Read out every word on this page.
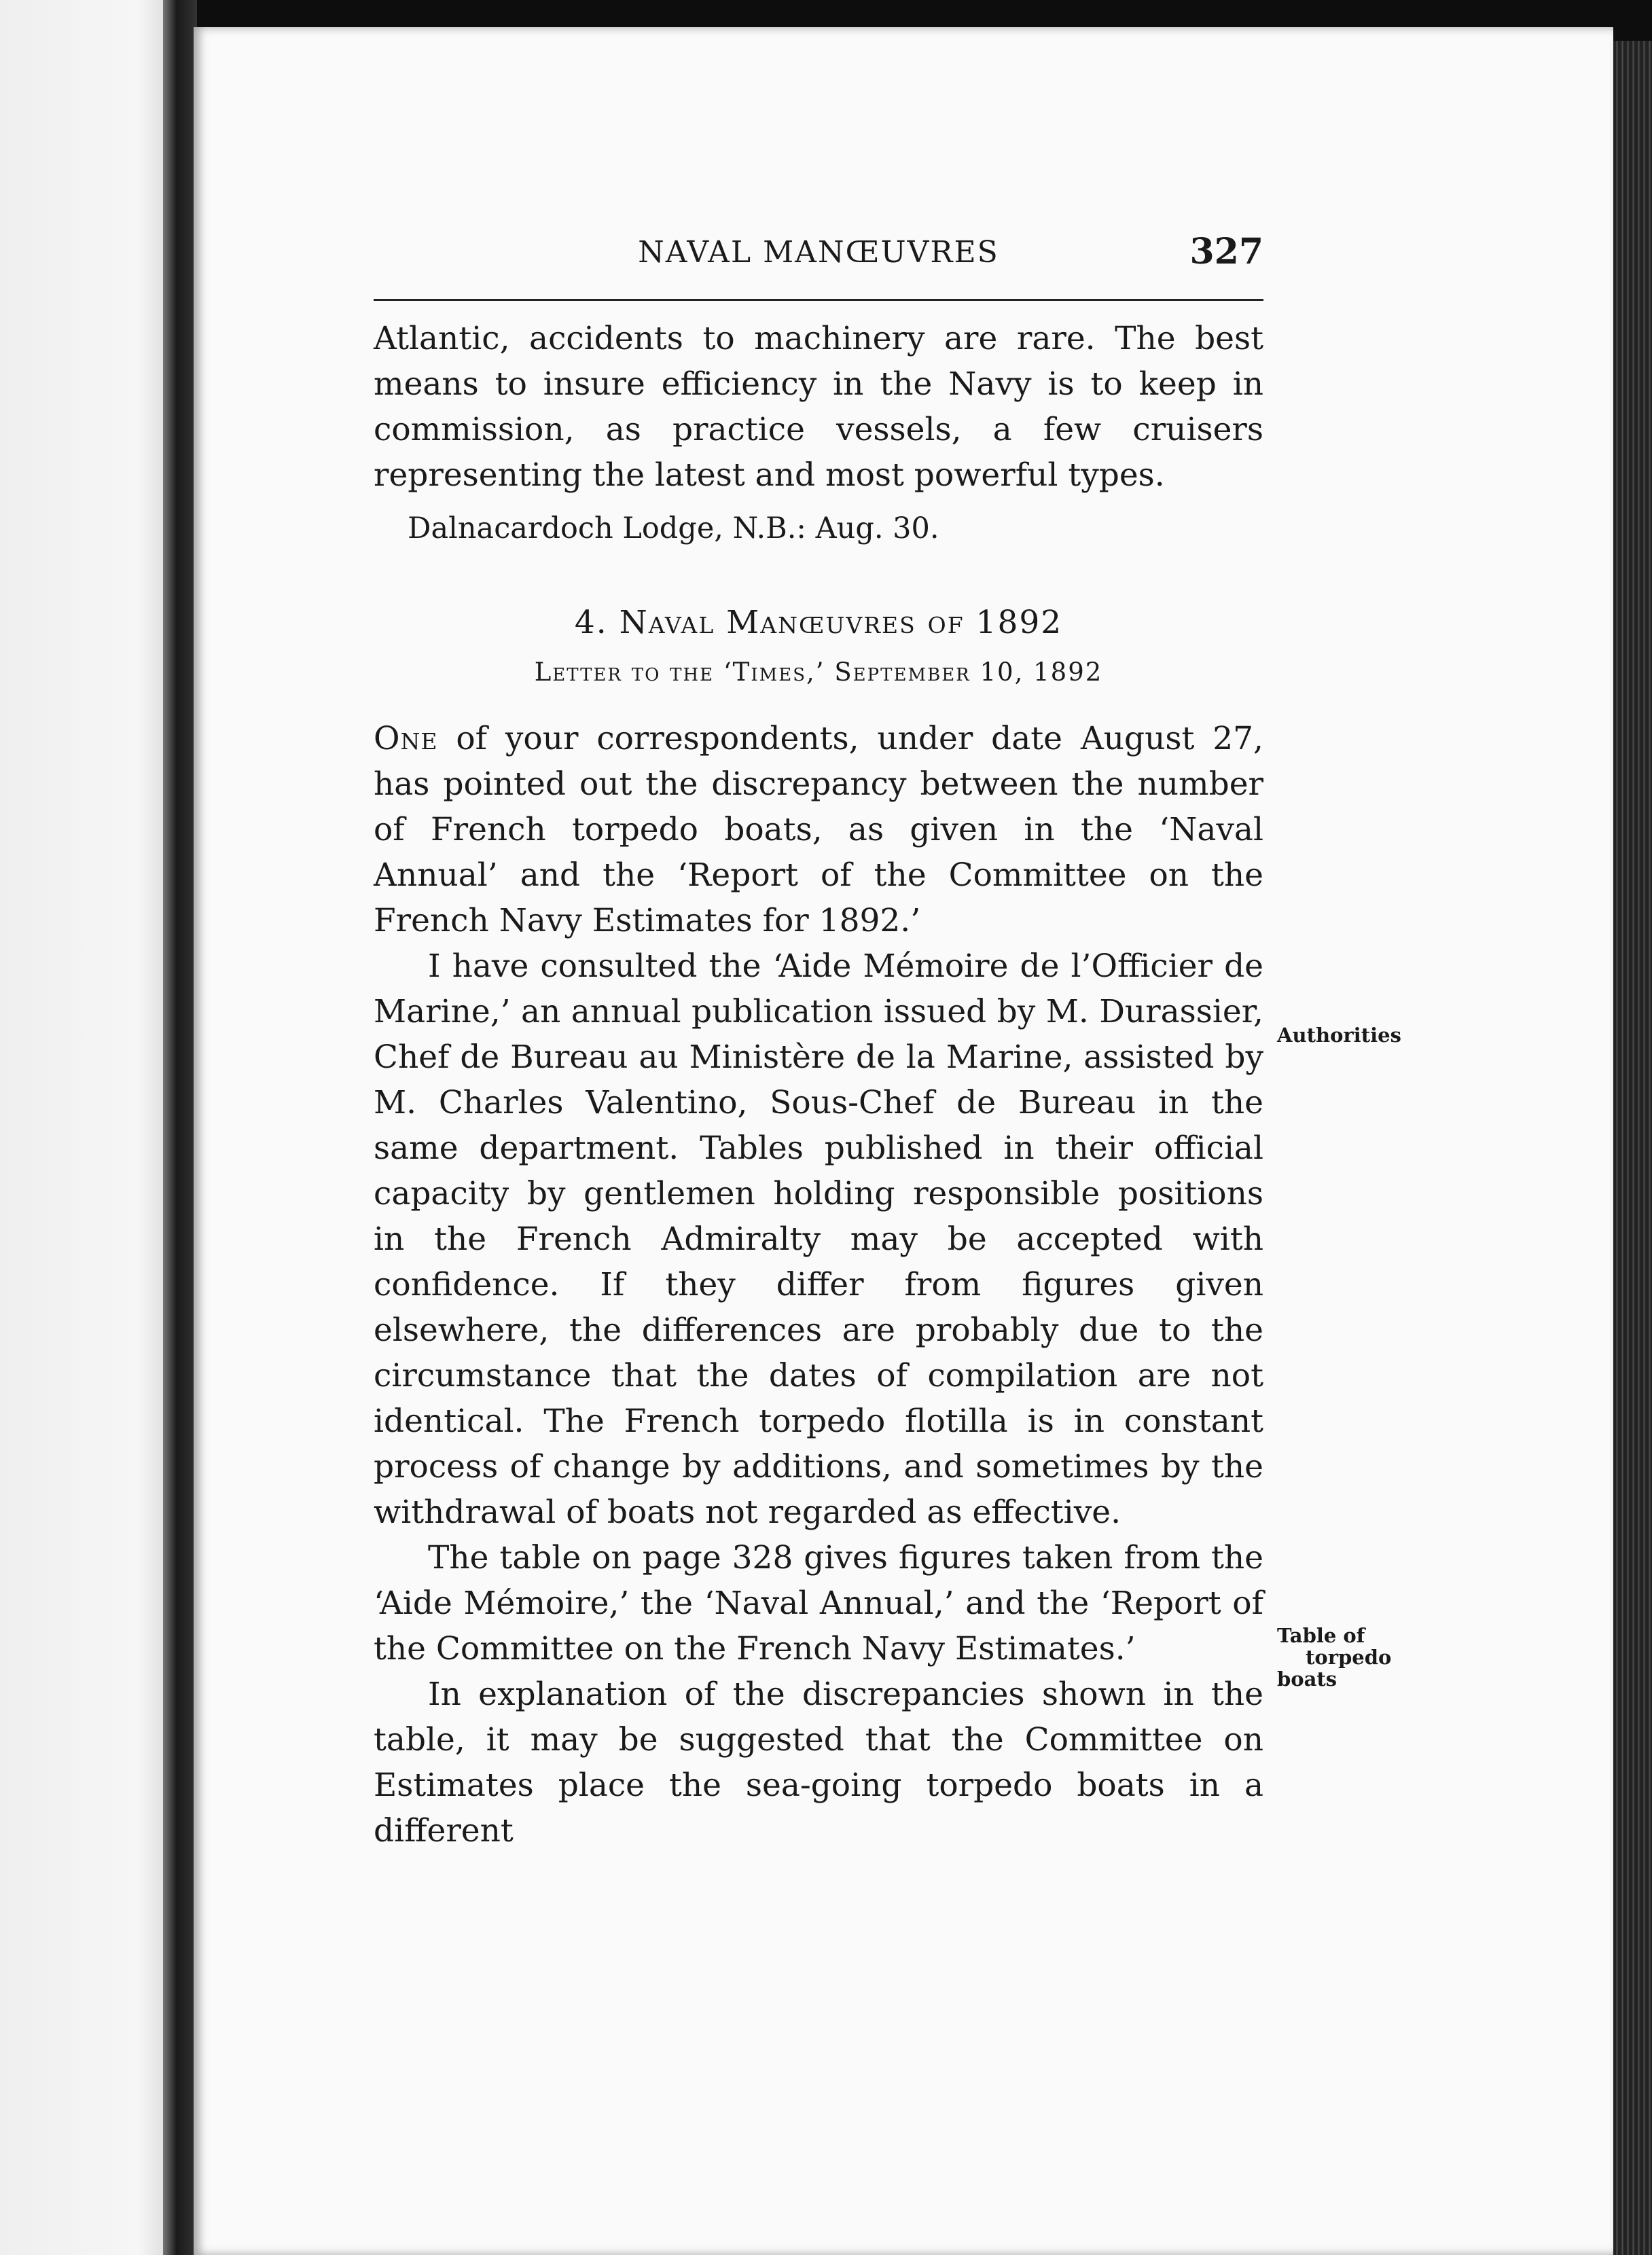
NAVAL MANŒUVRES	327

Atlantic, accidents to machinery are rare. The best means to insure efficiency in the Navy is to keep in commission, as practice vessels, a few cruisers representing the latest and most powerful types.

Dalnacardoch Lodge, N.B.: Aug. 30.
4. Naval Manœuvres of 1892
Letter to the ‘Times,’ September 10, 1892

One of your correspondents, under date August 27, has pointed out the discrepancy between the number of French torpedo boats, as given in the ‘Naval Annual’ and the ‘Report of the Committee on the French Navy Estimates for 1892.’

I have consulted the ‘Aide Mémoire de l’Officier de Marine,’ an annual publication issued by M. Durassier, Chef de Bureau au Ministère de la Marine, assisted by M. Charles Valentino, Sous-Chef de Bureau in the same department. Tables published in their official capacity by gentlemen holding responsible positions in the French Admiralty may be accepted with confidence. If they differ from figures given elsewhere, the differences are probably due to the circumstance that the dates of compilation are not identical. The French torpedo flotilla is in constant process of change by additions, and sometimes by the withdrawal of boats not regarded as effective.

The table on page 328 gives figures taken from the ‘Aide Mémoire,’ the ‘Naval Annual,’ and the ‘Report of the Committee on the French Navy Estimates.’

In explanation of the discrepancies shown in the table, it may be suggested that the Committee on Estimates place the sea-going torpedo boats in a different

Authorities
Table of
torpedo
boats
